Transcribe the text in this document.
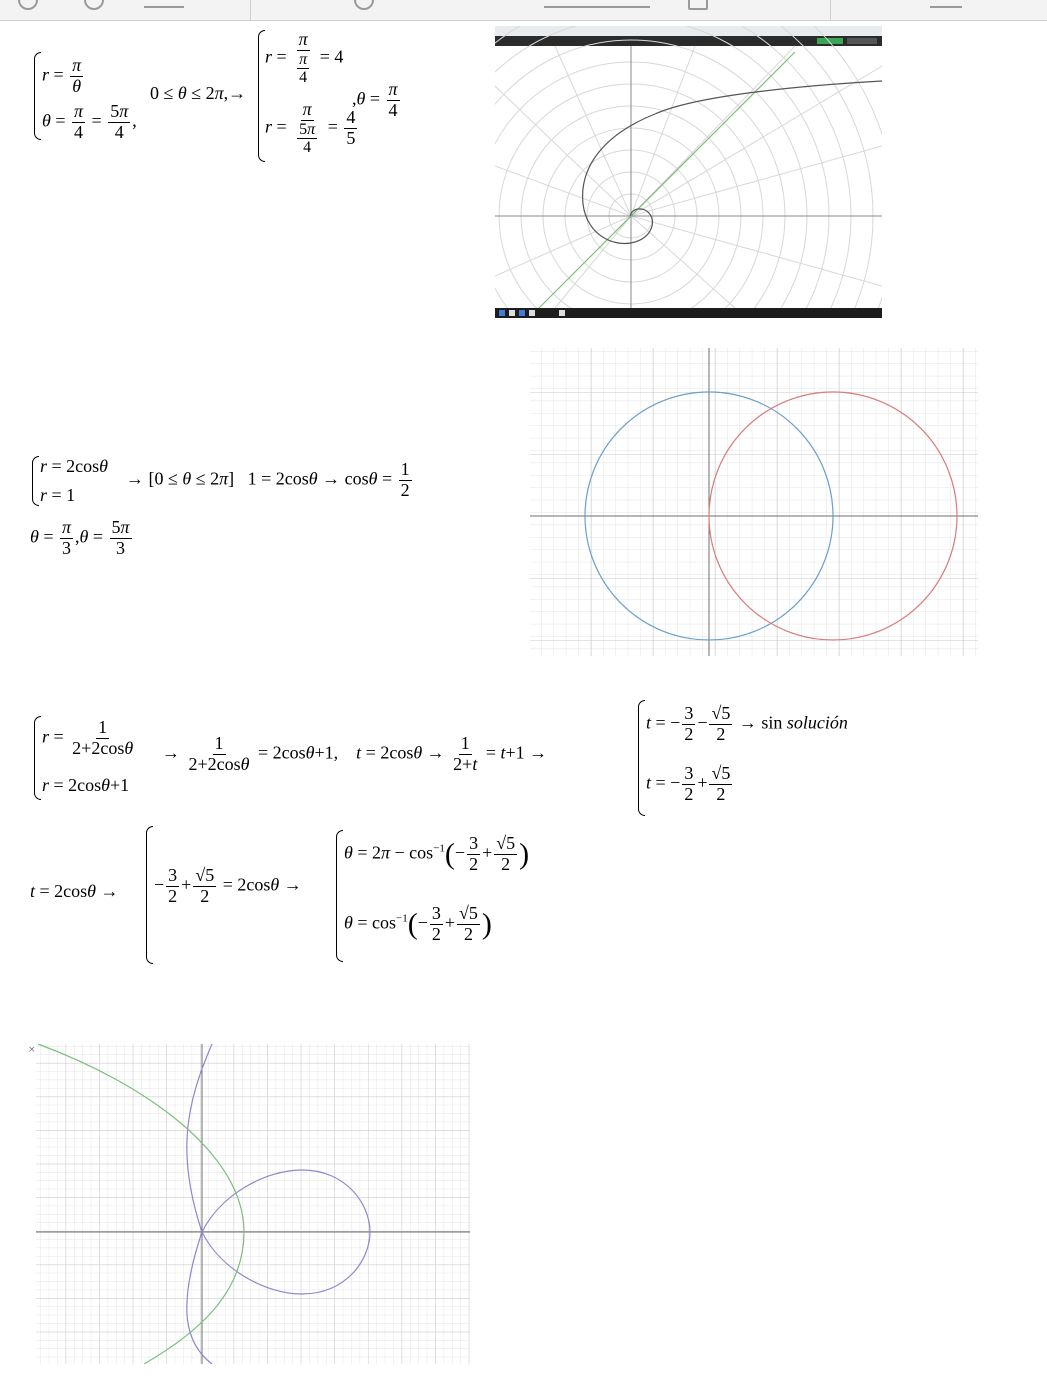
$r = \frac{\pi}{\theta}$
$\theta = \frac{\pi}{4} = \frac{5\pi}{4}$ ,
0 ≤ θ ≤ 2π,→
$r = \frac{\pi}{\frac{\pi}{4}} = 4$
$r = \frac{\pi}{\frac{5\pi}{4}} = \frac{4}{5}$
$,\theta = \frac{\pi}{4}$
r = 2cosθ
r = 1
→ [0 ≤ θ ≤ 2π]   $1 = 2\cos\theta \to \cos\theta = \frac{1}{2}$
$\theta = \frac{\pi}{3} ,\theta = \frac{5\pi}{3}$
$r = \frac{1}{2+2\cos\theta}$
r = 2cosθ+1
→ $\frac{1}{2+2\cos\theta} = 2\cos\theta+1$,    $t = 2\cos\theta \to \frac{1}{2+t} = t+1$ →
t = − $\frac{3}{2} - \frac{√5}{2} \to \sin$ solución
t = − $\frac{3}{2} + \frac{√5}{2}$
t = 2cosθ → − $\frac{3}{2} + \frac{√5}{2} = 2\cos\theta$ →
$\theta = 2\pi - \cos^{-1}(- \frac{3}{2} + \frac{√5}{2}$ )
$\theta = \cos^{-1}(- \frac{3}{2} + \frac{√5}{2}$ )
×
